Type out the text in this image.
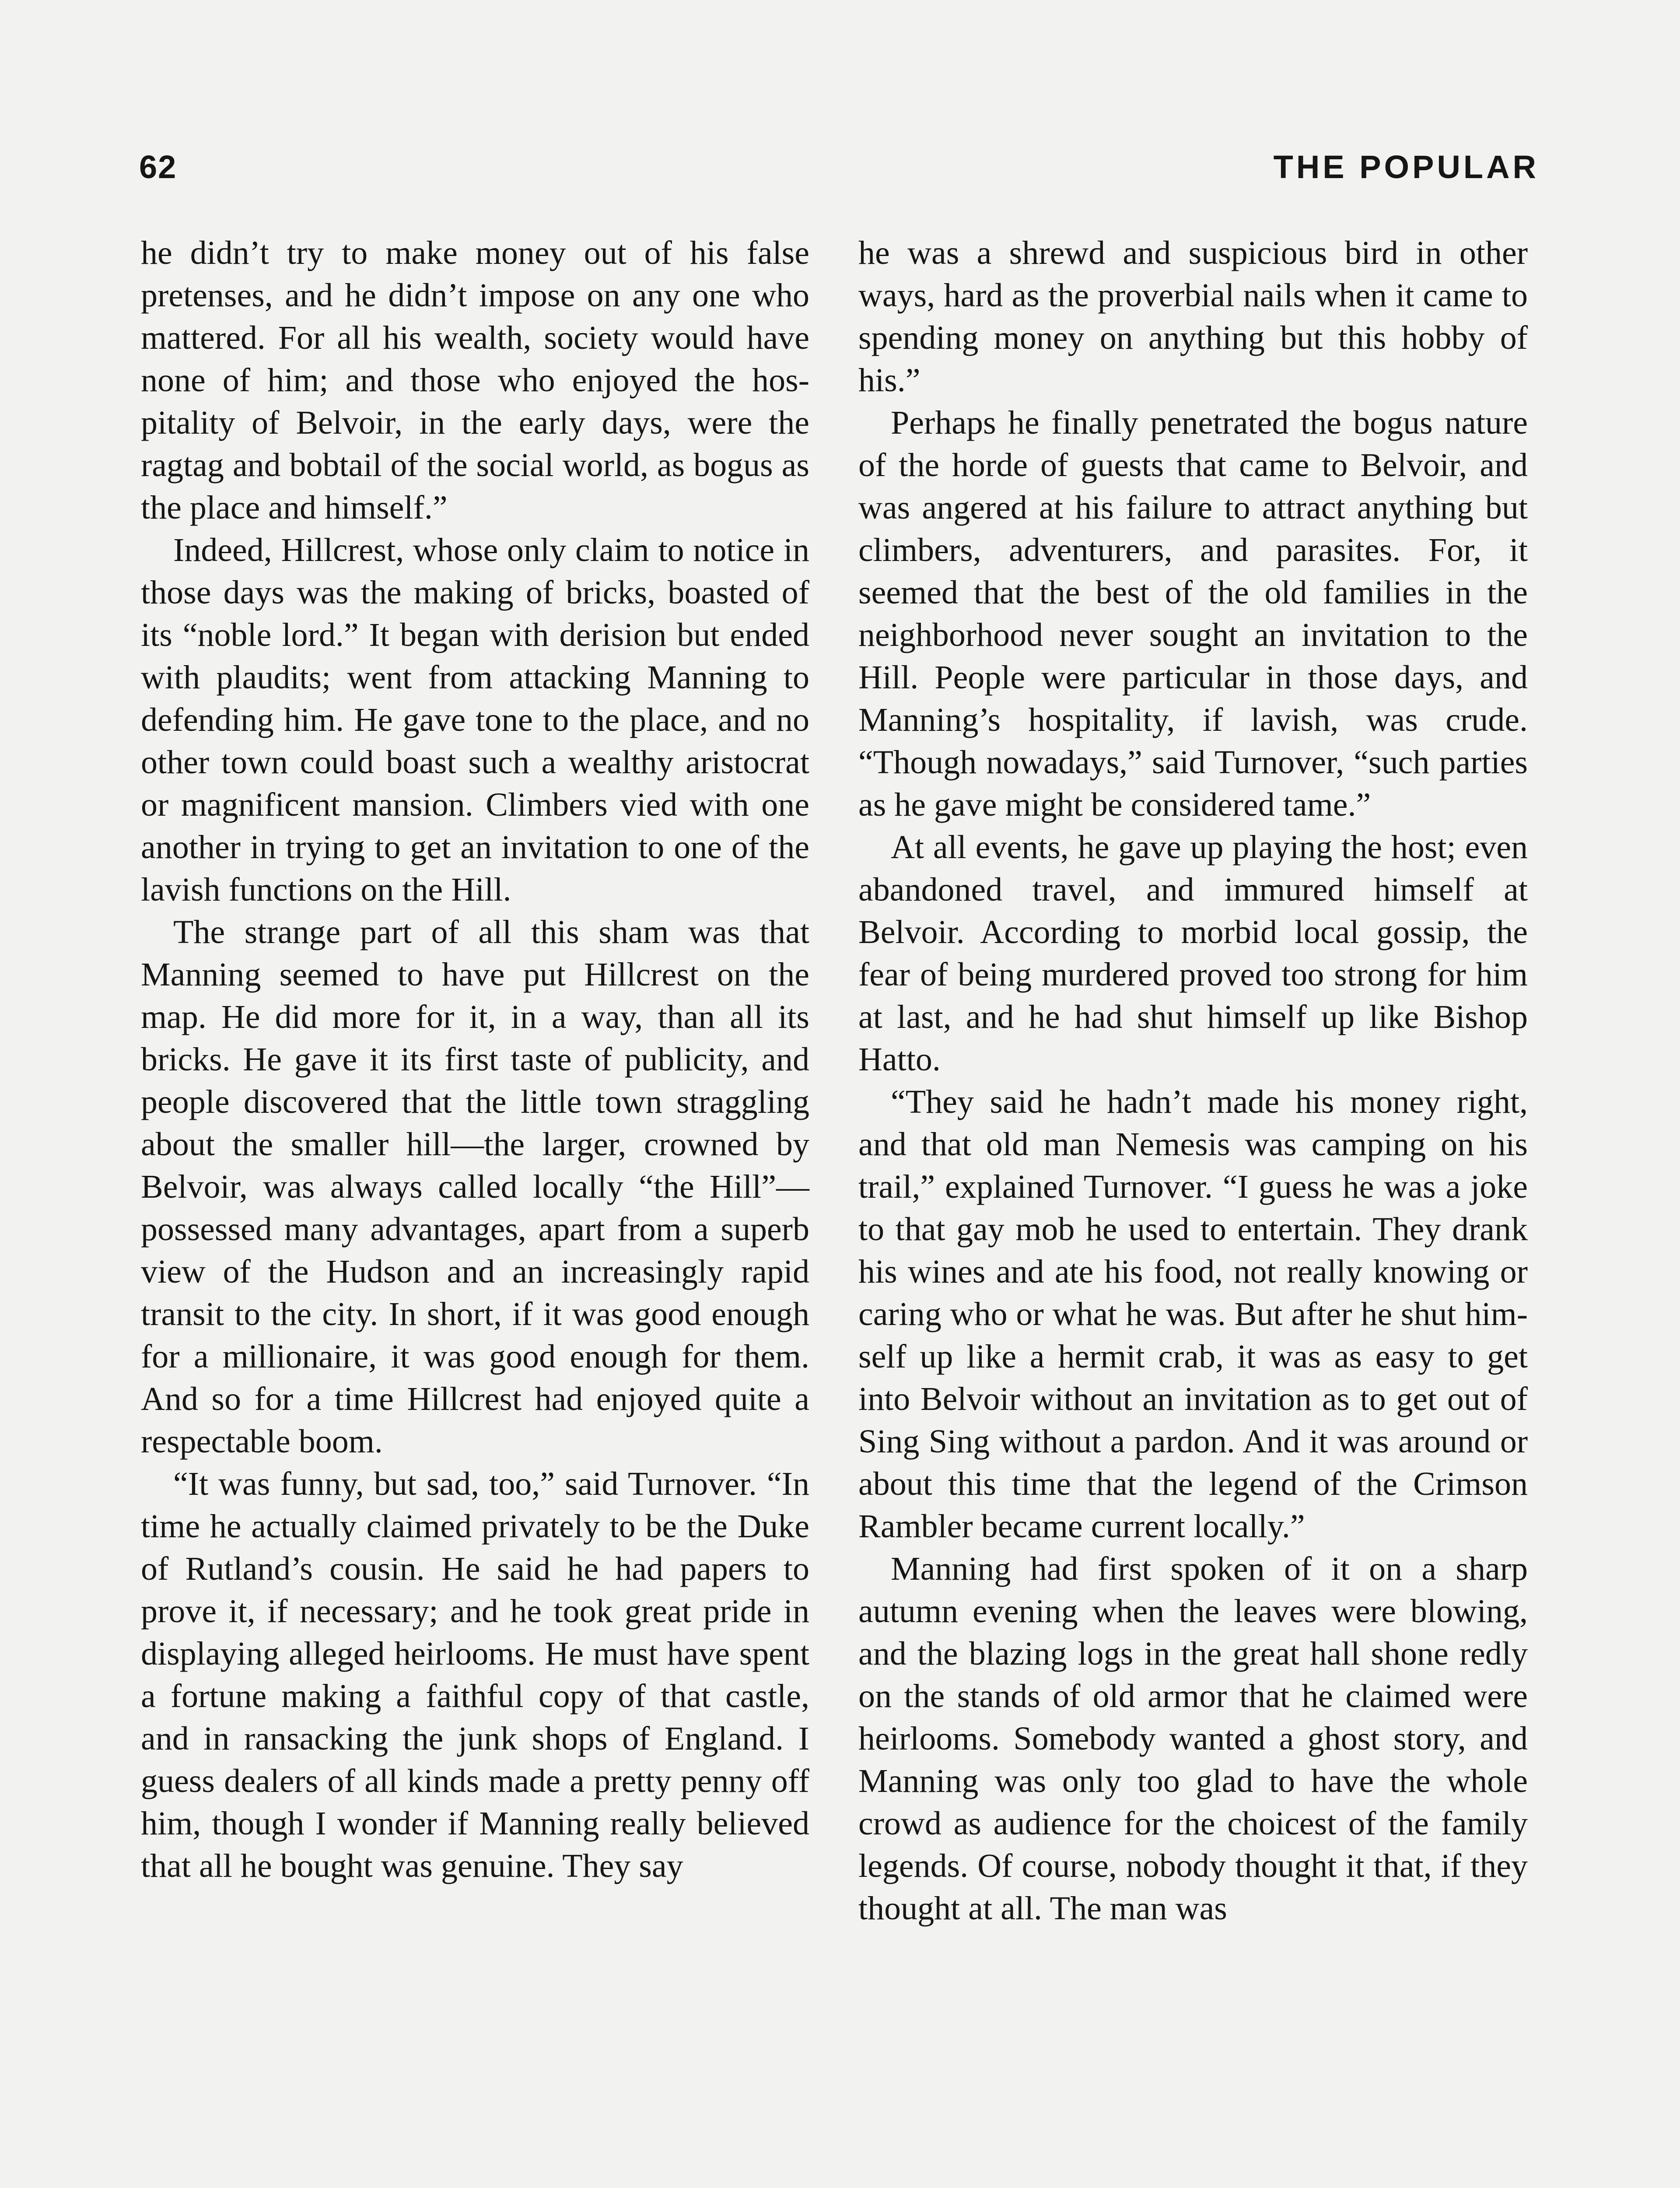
62	THE POPULAR

he didn’t try to make money out of his false pretenses, and he didn’t impose on any one who mattered. For all his wealth, society would have none of him; and those who enjoyed the hospitality of Belvoir, in the early days, were the ragtag and bobtail of the social world, as bogus as the place and himself.”

Indeed, Hillcrest, whose only claim to notice in those days was the making of bricks, boasted of its “noble lord.” It began with derision but ended with plaudits; went from attacking Manning to defending him. He gave tone to the place, and no other town could boast such a wealthy aristocrat or magnificent mansion. Climbers vied with one another in trying to get an invitation to one of the lavish functions on the Hill.

The strange part of all this sham was that Manning seemed to have put Hillcrest on the map. He did more for it, in a way, than all its bricks. He gave it its first taste of publicity, and people discovered that the little town straggling about the smaller hill—the larger, crowned by Belvoir, was always called locally “the Hill”—possessed many advantages, apart from a superb view of the Hudson and an increasingly rapid transit to the city. In short, if it was good enough for a millionaire, it was good enough for them. And so for a time Hillcrest had enjoyed quite a respectable boom.

“It was funny, but sad, too,” said Turnover. “In time he actually claimed privately to be the Duke of Rutland’s cousin. He said he had papers to prove it, if necessary; and he took great pride in displaying alleged heirlooms. He must have spent a fortune making a faithful copy of that castle, and in ransacking the junk shops of England. I guess dealers of all kinds made a pretty penny off him, though I wonder if Manning really believed that all he bought was genuine. They say

he was a shrewd and suspicious bird in other ways, hard as the proverbial nails when it came to spending money on anything but this hobby of his.”

Perhaps he finally penetrated the bogus nature of the horde of guests that came to Belvoir, and was angered at his failure to attract anything but climbers, adventurers, and parasites. For, it seemed that the best of the old families in the neighborhood never sought an invitation to the Hill. People were particular in those days, and Manning’s hospitality, if lavish, was crude. “Though nowadays,” said Turnover, “such parties as he gave might be considered tame.”

At all events, he gave up playing the host; even abandoned travel, and immured himself at Belvoir. According to morbid local gossip, the fear of being murdered proved too strong for him at last, and he had shut himself up like Bishop Hatto.

“They said he hadn’t made his money right, and that old man Nemesis was camping on his trail,” explained Turnover. “I guess he was a joke to that gay mob he used to entertain. They drank his wines and ate his food, not really knowing or caring who or what he was. But after he shut himself up like a hermit crab, it was as easy to get into Belvoir without an invitation as to get out of Sing Sing without a pardon. And it was around or about this time that the legend of the Crimson Rambler became current locally.”

Manning had first spoken of it on a sharp autumn evening when the leaves were blowing, and the blazing logs in the great hall shone redly on the stands of old armor that he claimed were heirlooms. Somebody wanted a ghost story, and Manning was only too glad to have the whole crowd as audience for the choicest of the family legends. Of course, nobody thought it that, if they thought at all. The man was
